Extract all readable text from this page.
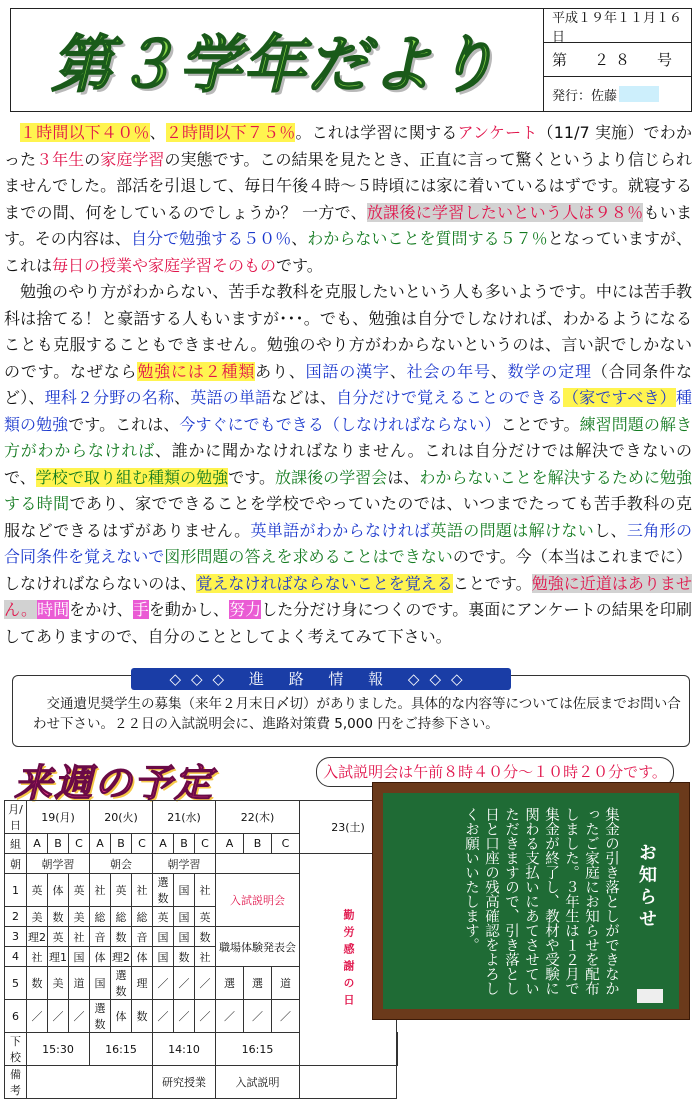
第３学年だより
平成１９年１１月１６日
第　２８　号
発行：佐藤

１時間以下４０％、２時間以下７５％。これは学習に関するアンケート（11/7 実施）でわかった３年生の家庭学習の実態です。この結果を見たとき、正直に言って驚くというより信じられませんでした。部活を引退して、毎日午後４時～５時頃には家に着いているはずです。就寝するまでの間、何をしているのでしょうか？ 一方で、放課後に学習したいという人は９８％もいます。その内容は、自分で勉強する５０％、わからないことを質問する５７％となっていますが、これは毎日の授業や家庭学習そのものです。

勉強のやり方がわからない、苦手な教科を克服したいという人も多いようです。中には苦手教科は捨てる！と豪語する人もいますが･･･。でも、勉強は自分でしなければ、わかるようになることも克服することもできません。勉強のやり方がわからないというのは、言い訳でしかないのです。なぜなら勉強には２種類あり、国語の漢字、社会の年号、数学の定理（合同条件など）、理科２分野の名称、英語の単語などは、自分だけで覚えることのできる（家ですべき）種類の勉強です。これは、今すぐにでもできる（しなければならない）ことです。練習問題の解き方がわからなければ、誰かに聞かなければなりません。これは自分だけでは解決できないので、学校で取り組む種類の勉強です。放課後の学習会は、わからないことを解決するために勉強する時間であり、家でできることを学校でやっていたのでは、いつまでたっても苦手教科の克服などできるはずがありません。英単語がわからなければ英語の問題は解けないし、三角形の合同条件を覚えないで図形問題の答えを求めることはできないのです。今（本当はこれまでに）しなければならないのは、覚えなければならないことを覚えることです。勉強に近道はありません。時間をかけ、手を動かし、努力した分だけ身につくのです。裏面にアンケートの結果を印刷してありますので、自分のこととしてよく考えてみて下さい。

◇◇◇ 進 路 情 報 ◇◇◇
交通遺児奨学生の募集（来年２月末日〆切）がありました。具体的な内容等については佐辰までお問い合わせ下さい。２２日の入試説明会に、進路対策費 5,000 円をご持参下さい。
来週の予定	入試説明会は午前８時４０分～１０時２０分です。
月/日	19(月)			20(火)			21(水)			22(木)			23(土)	
組	A	B	C	A	B	C	A	B	C	A	B	C		
朝	朝学習			朝会			朝学習						勤労感謝の日	
1	英	体	英	社	英	社	選数	国	社	入試説明会				
2	美	数	美	総	総	総	英	国	英					
3	理2	英	社	音	数	音	国	国	数	職場体験発表会				
4	社	理1	国	体	理2	体	国	数	社					
5	数	美	道	国	選数	理	／	／	／	選	選	道		
6	／	／	／	選数	体	数	／	／	／	／	／	／		
下校	15:30			16:15			14:10			16:15				
備考							研究授業			入試説明				
お知らせ
集金の引き落としができなかったご家庭にお知らせを配布しました。３年生は１２月で集金が終了し、教材や受験に関わる支払いにあてさせていただきますので、引き落とし日と口座の残高確認をよろしくお願いいたします。
